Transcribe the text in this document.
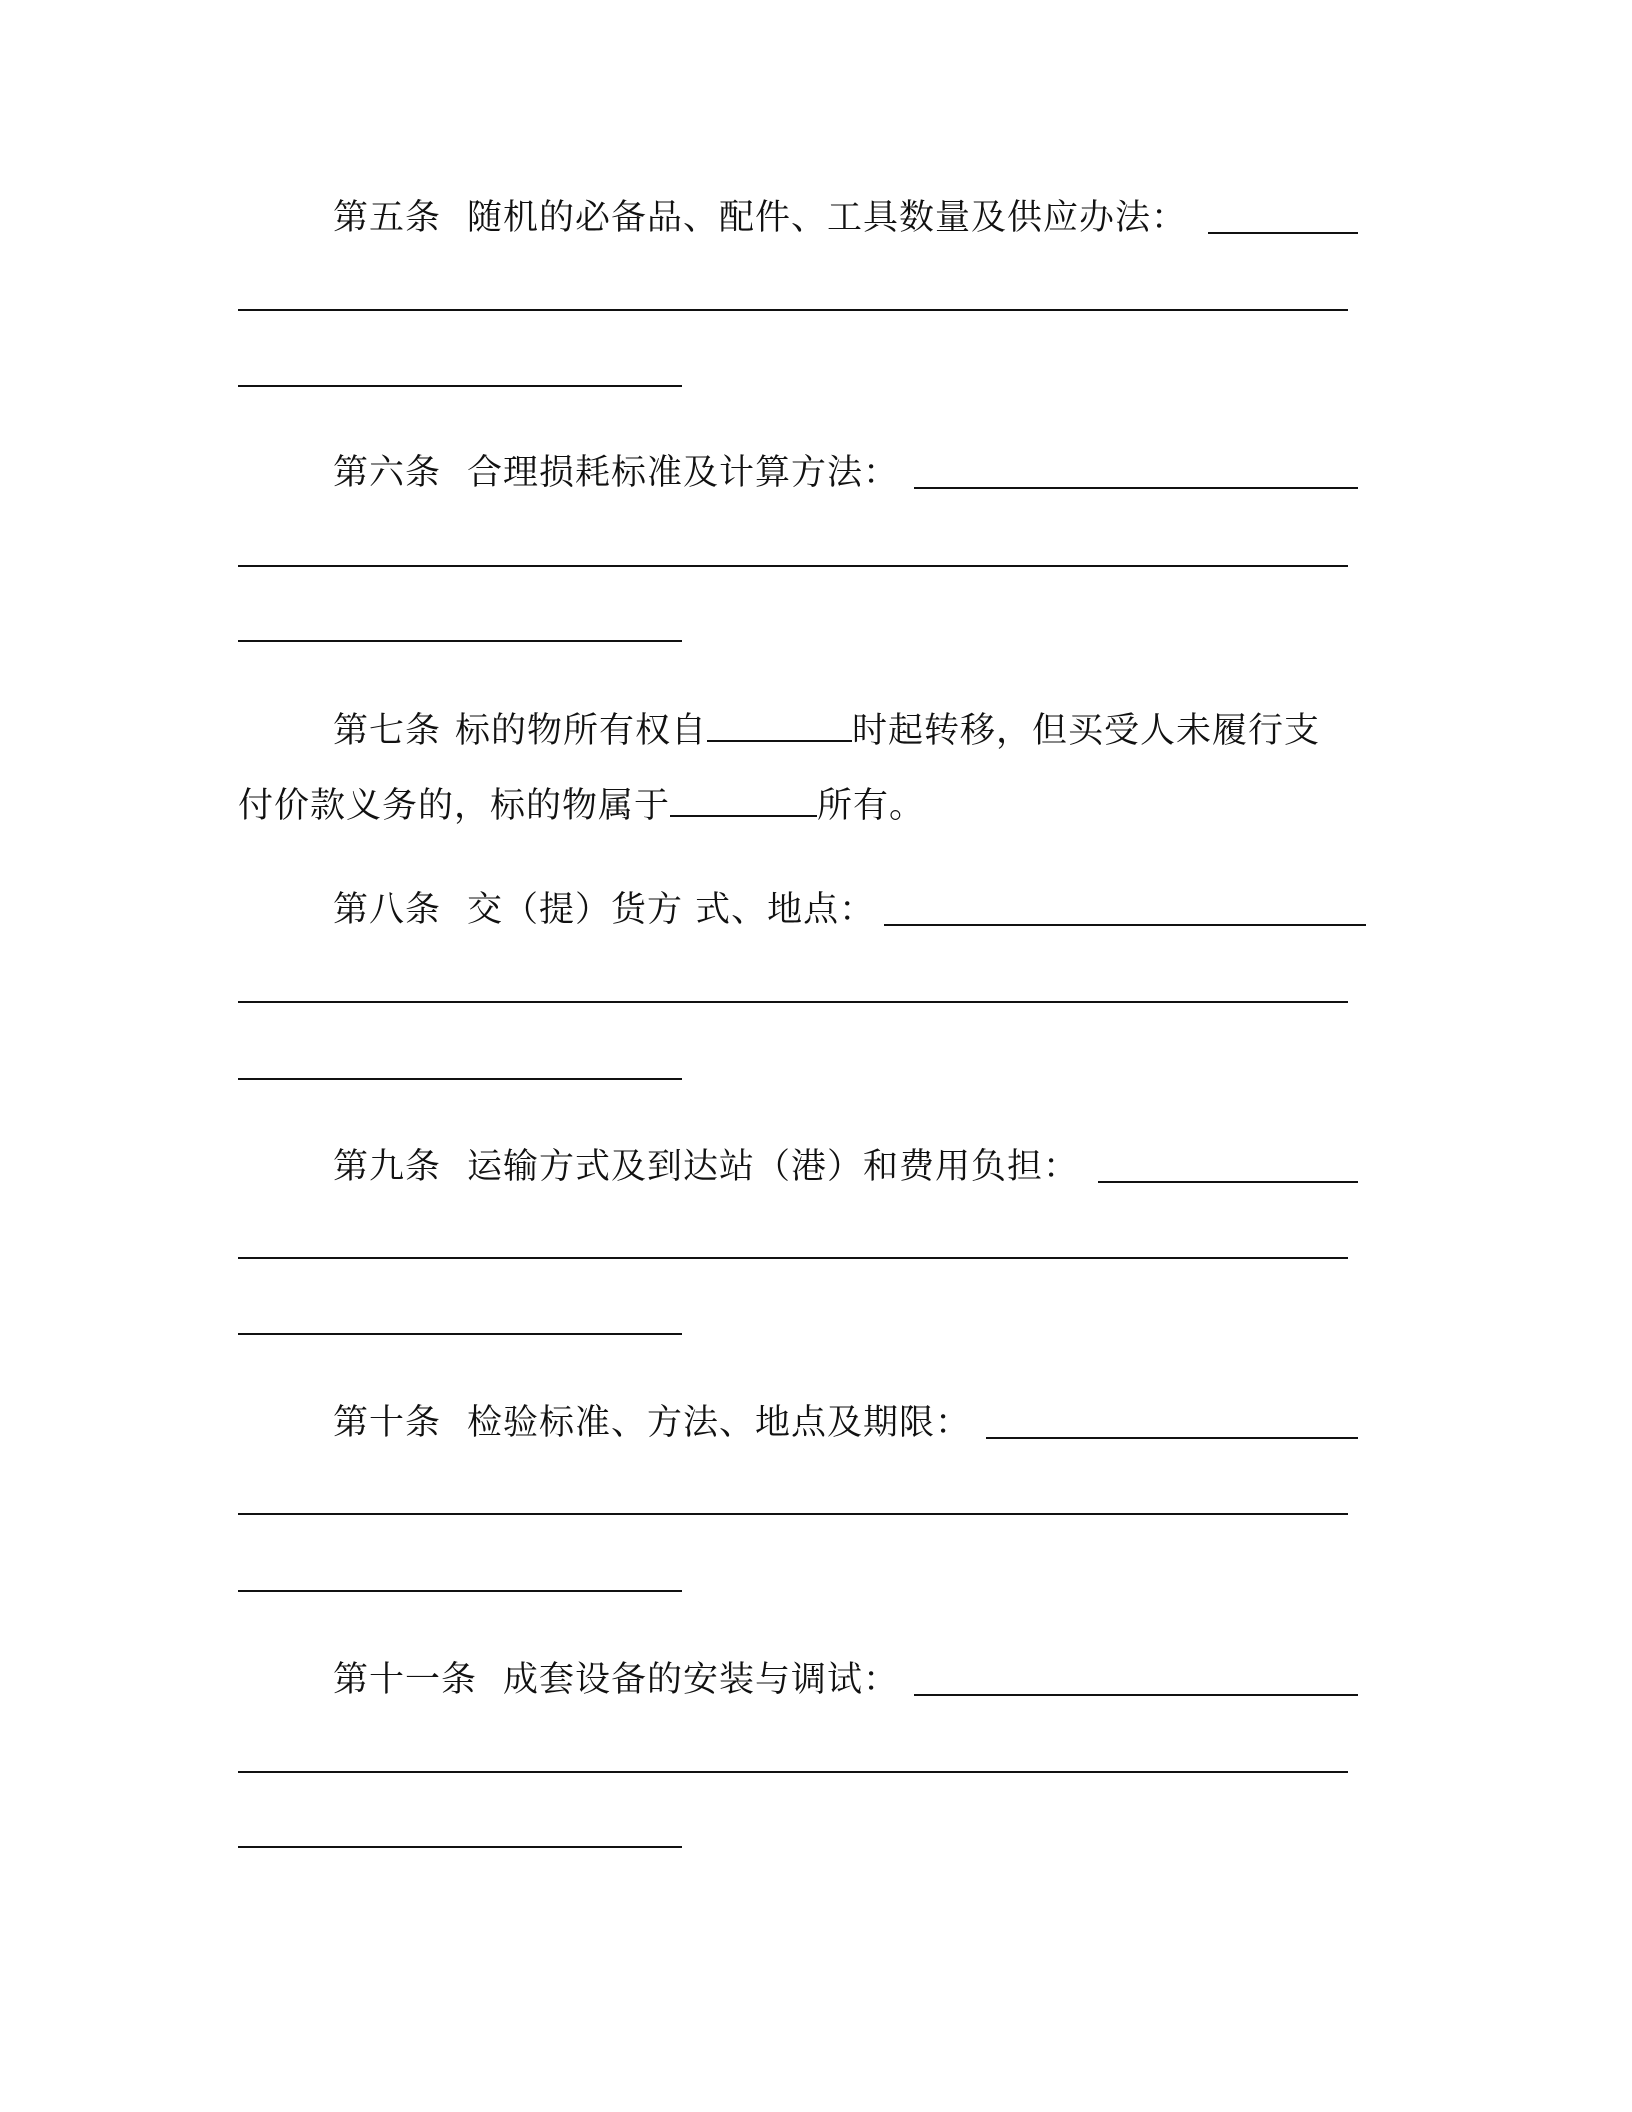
第五条 随机的必备品、配件、工具数量及供应办法：
第六条 合理损耗标准及计算方法：
第七条 标的物所有权自	时起转移，但买受人未履行支
付价款义务的，标的物属于	所有。
第八条 交（提）货方 式、地点：
第九条 运输方式及到达站（港）和费用负担：
第十条 检验标准、方法、地点及期限：
第十一条 成套设备的安装与调试：
